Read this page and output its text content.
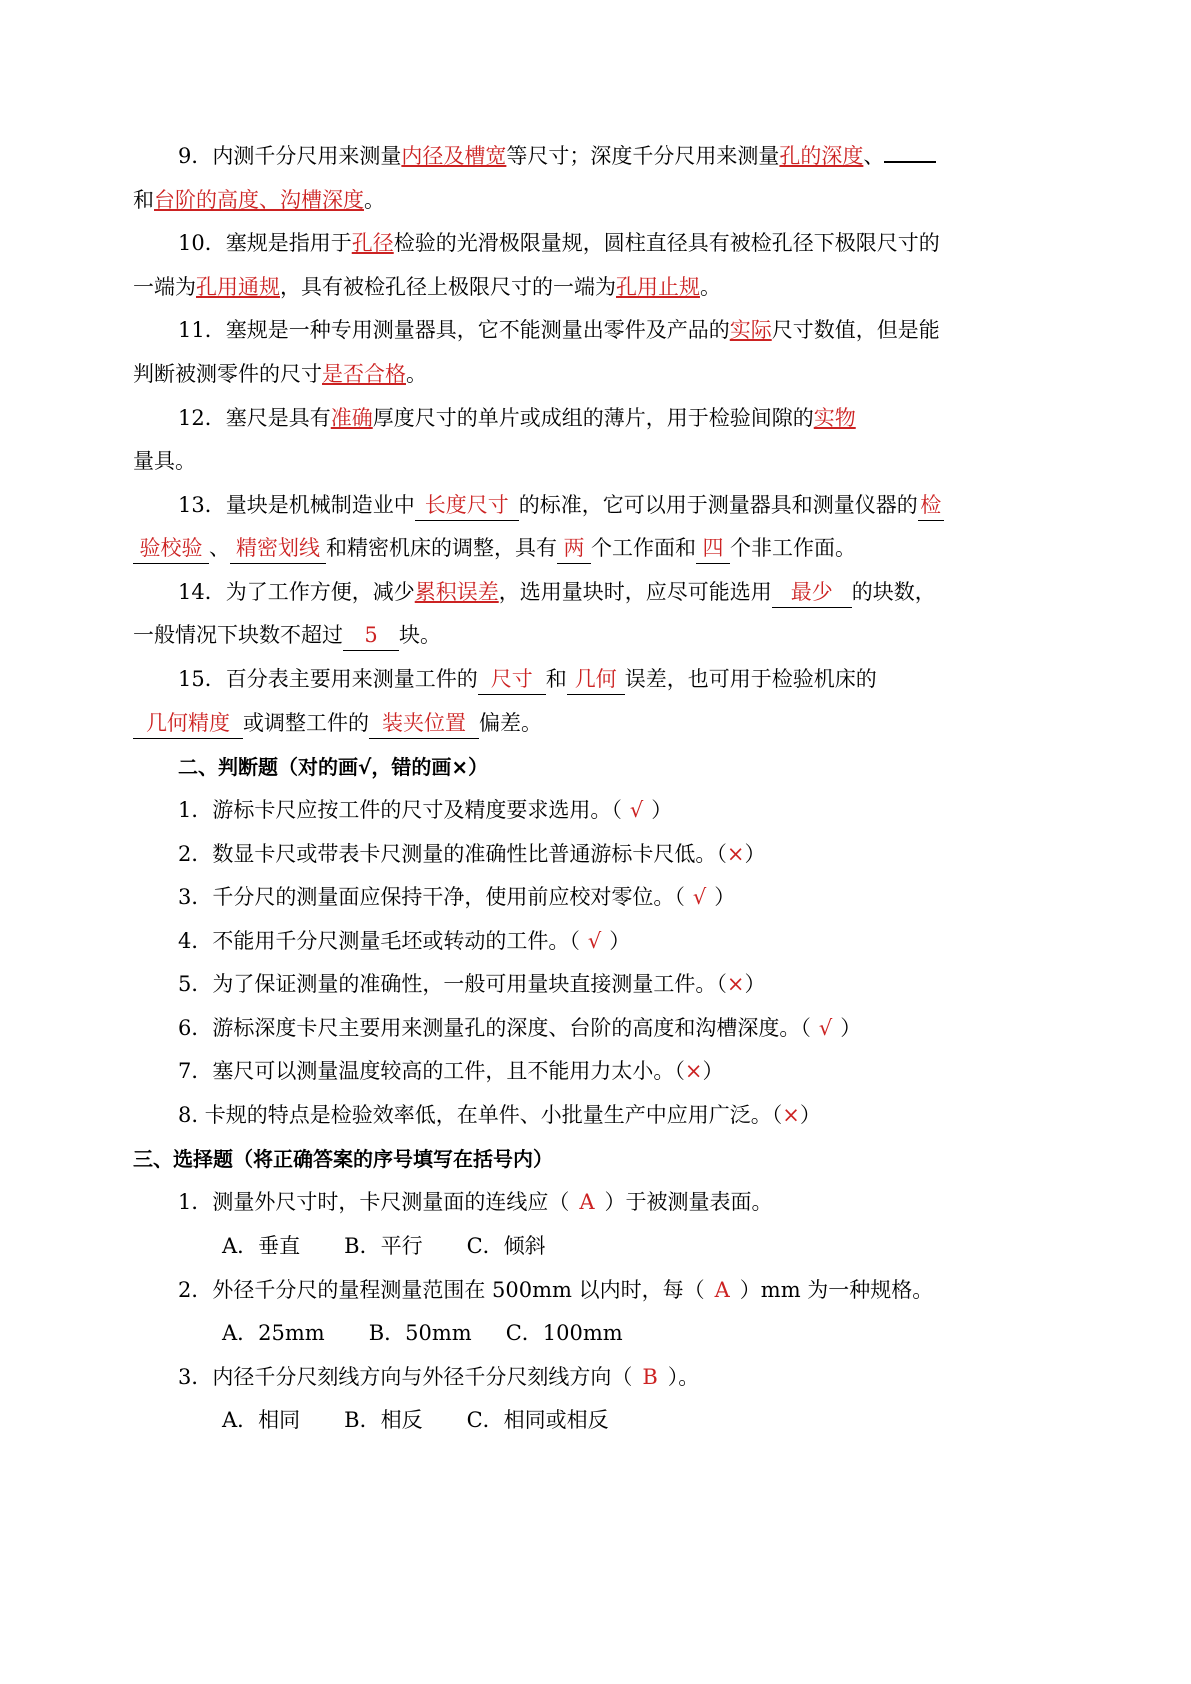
9．内测千分尺用来测量内径及槽宽等尺寸；深度千分尺用来测量孔的深度、
和台阶的高度、沟槽深度。
10．塞规是指用于孔径检验的光滑极限量规，圆柱直径具有被检孔径下极限尺寸的
一端为孔用通规，具有被检孔径上极限尺寸的一端为孔用止规。
11．塞规是一种专用测量器具，它不能测量出零件及产品的实际尺寸数值，但是能
判断被测零件的尺寸是否合格。
12．塞尺是具有准确厚度尺寸的单片或成组的薄片，用于检验间隙的实物
量具。
13．量块是机械制造业中 长度尺寸 的标准，它可以用于测量器具和测量仪器的 检
验校验 、 精密划线 和精密机床的调整，具有 两 个工作面和 四 个非工作面。
14．为了工作方便，减少累积误差，选用量块时，应尽可能选用 最少 的块数，
一般情况下块数不超过 5 块。
15．百分表主要用来测量工件的 尺寸 和 几何 误差，也可用于检验机床的
几何精度 或调整工件的 装夹位置 偏差。
二、判断题（对的画√，错的画×）
1．游标卡尺应按工件的尺寸及精度要求选用。（ √ ）
2．数显卡尺或带表卡尺测量的准确性比普通游标卡尺低。（×）
3．千分尺的测量面应保持干净，使用前应校对零位。（ √ ）
4．不能用千分尺测量毛坯或转动的工件。（ √ ）
5．为了保证测量的准确性，一般可用量块直接测量工件。（×）
6．游标深度卡尺主要用来测量孔的深度、台阶的高度和沟槽深度。（ √ ）
7．塞尺可以测量温度较高的工件，且不能用力太小。（×）
8. 卡规的特点是检验效率低，在单件、小批量生产中应用广泛。（×）
三、选择题（将正确答案的序号填写在括号内）
1．测量外尺寸时，卡尺测量面的连线应（ A ）于被测量表面。
A．垂直 B．平行 C．倾斜
2．外径千分尺的量程测量范围在 500mm 以内时，每（ A ）mm 为一种规格。
A．25mm B．50mm C．100mm
3．内径千分尺刻线方向与外径千分尺刻线方向（ B ）。
A．相同 B．相反 C．相同或相反
